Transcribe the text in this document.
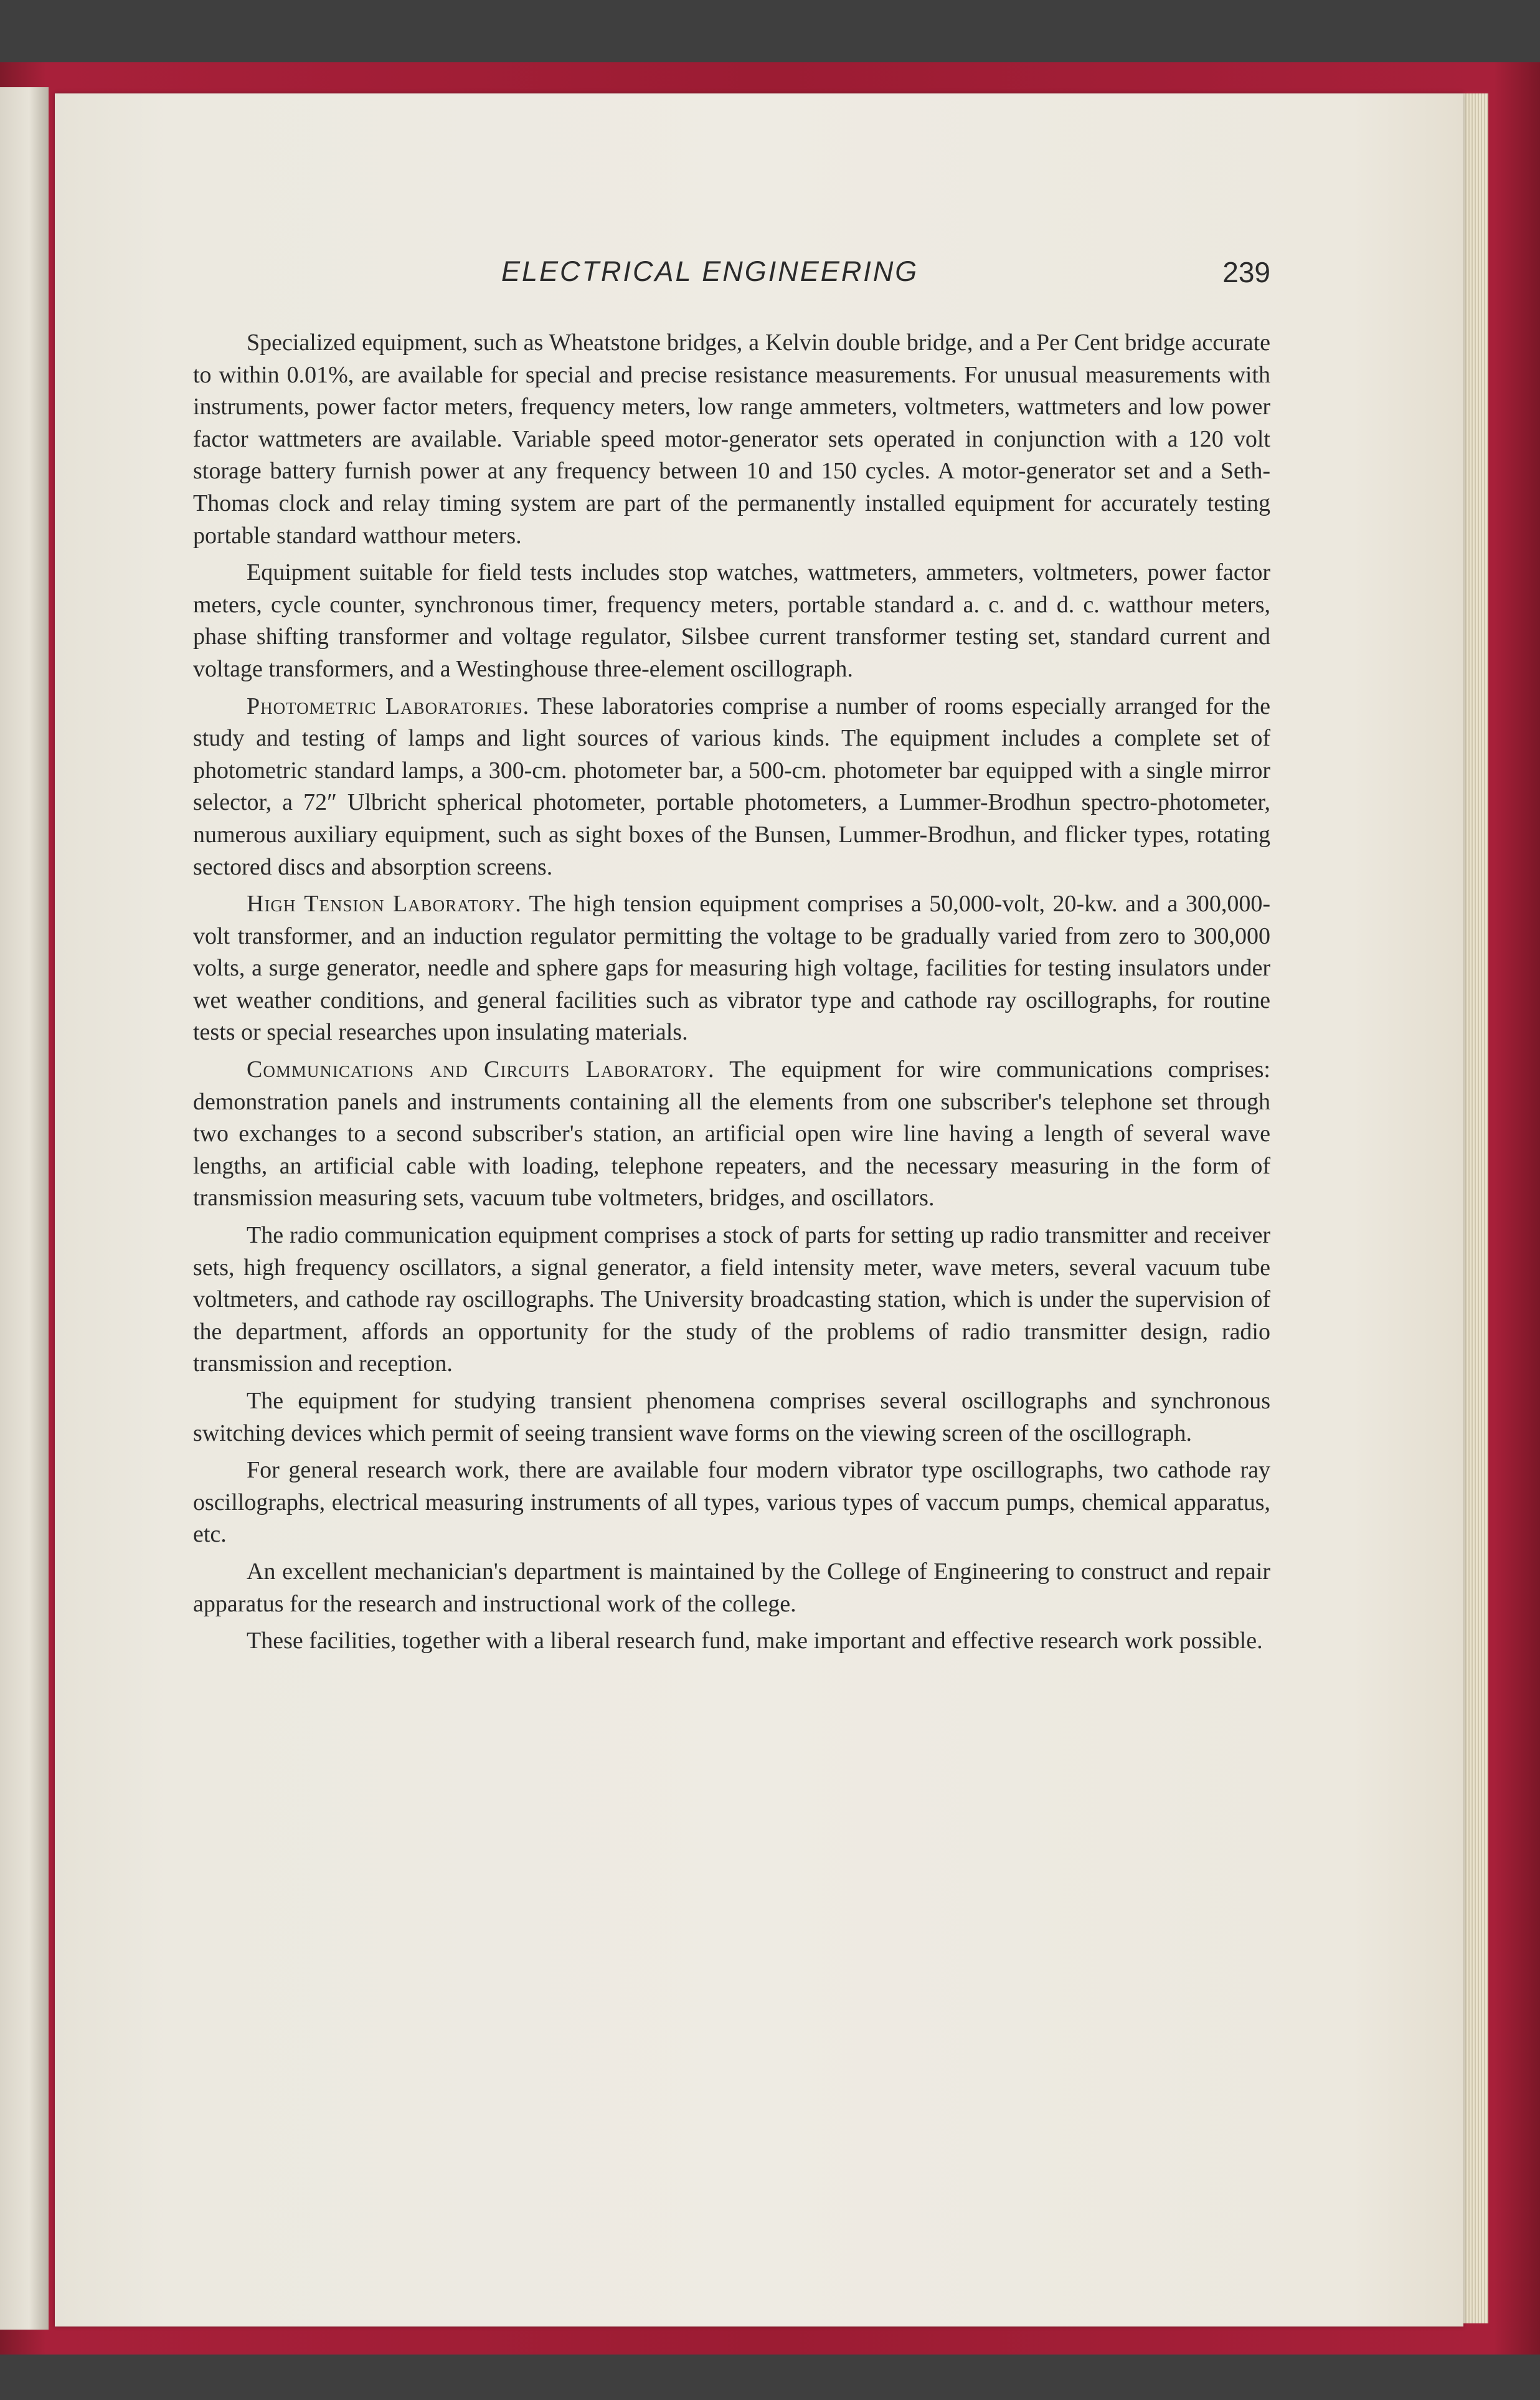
ELECTRICAL ENGINEERING	239

Specialized equipment, such as Wheatstone bridges, a Kelvin double bridge, and a Per Cent bridge accurate to within 0.01%, are available for special and precise resistance measurements. For unusual measurements with instruments, power factor meters, frequency meters, low range ammeters, voltmeters, wattmeters and low power factor wattmeters are available. Variable speed motor-generator sets operated in conjunction with a 120 volt storage battery furnish power at any frequency between 10 and 150 cycles. A motor-generator set and a Seth-Thomas clock and relay timing system are part of the permanently installed equipment for accurately testing portable standard watthour meters.

Equipment suitable for field tests includes stop watches, wattmeters, ammeters, voltmeters, power factor meters, cycle counter, synchronous timer, frequency meters, portable standard a. c. and d. c. watthour meters, phase shifting transformer and voltage regulator, Silsbee current transformer testing set, standard current and voltage transformers, and a Westinghouse three-element oscillograph.

Photometric Laboratories. These laboratories comprise a number of rooms especially arranged for the study and testing of lamps and light sources of various kinds. The equipment includes a complete set of photometric standard lamps, a 300-cm. photometer bar, a 500-cm. photometer bar equipped with a single mirror selector, a 72″ Ulbricht spherical photometer, portable photometers, a Lummer-Brodhun spectro-photometer, numerous auxiliary equipment, such as sight boxes of the Bunsen, Lummer-Brodhun, and flicker types, rotating sectored discs and absorption screens.

High Tension Laboratory. The high tension equipment comprises a 50,000-volt, 20-kw. and a 300,000-volt transformer, and an induction regulator permitting the voltage to be gradually varied from zero to 300,000 volts, a surge generator, needle and sphere gaps for measuring high voltage, facilities for testing insulators under wet weather conditions, and general facilities such as vibrator type and cathode ray oscillographs, for routine tests or special researches upon insulating materials.

Communications and Circuits Laboratory. The equipment for wire communications comprises: demonstration panels and instruments containing all the elements from one subscriber's telephone set through two exchanges to a second subscriber's station, an artificial open wire line having a length of several wave lengths, an artificial cable with loading, telephone repeaters, and the necessary measuring in the form of transmission measuring sets, vacuum tube voltmeters, bridges, and oscillators.

The radio communication equipment comprises a stock of parts for setting up radio transmitter and receiver sets, high frequency oscillators, a signal generator, a field intensity meter, wave meters, several vacuum tube voltmeters, and cathode ray oscillographs. The University broadcasting station, which is under the supervision of the department, affords an opportunity for the study of the problems of radio transmitter design, radio transmission and reception.

The equipment for studying transient phenomena comprises several oscillographs and synchronous switching devices which permit of seeing transient wave forms on the viewing screen of the oscillograph.

For general research work, there are available four modern vibrator type oscillographs, two cathode ray oscillographs, electrical measuring instruments of all types, various types of vaccum pumps, chemical apparatus, etc.

An excellent mechanician's department is maintained by the College of Engineering to construct and repair apparatus for the research and instructional work of the college.

These facilities, together with a liberal research fund, make important and effective research work possible.
